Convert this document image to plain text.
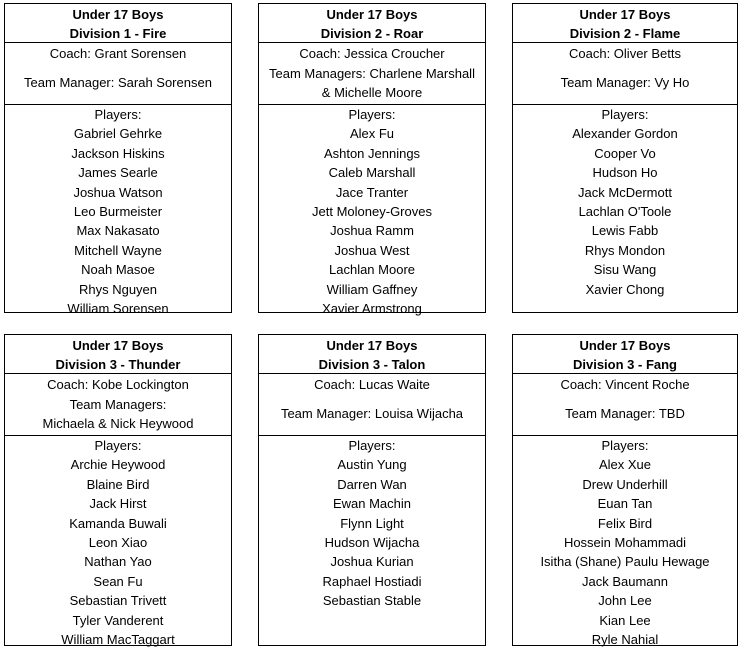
Under 17 Boys
Division 1 - Fire
Coach: Grant Sorensen
Team Manager: Sarah Sorensen
Players:
Gabriel Gehrke
Jackson Hiskins
James Searle
Joshua Watson
Leo Burmeister
Max Nakasato
Mitchell Wayne
Noah Masoe
Rhys Nguyen
William Sorensen
Under 17 Boys
Division 2 - Roar
Coach: Jessica Croucher
Team Managers: Charlene Marshall
& Michelle Moore
Players:
Alex Fu
Ashton Jennings
Caleb Marshall
Jace Tranter
Jett Moloney-Groves
Joshua Ramm
Joshua West
Lachlan Moore
William Gaffney
Xavier Armstrong
Under 17 Boys
Division 2 - Flame
Coach: Oliver Betts
Team Manager: Vy Ho
Players:
Alexander Gordon
Cooper Vo
Hudson Ho
Jack McDermott
Lachlan O'Toole
Lewis Fabb
Rhys Mondon
Sisu Wang
Xavier Chong
Under 17 Boys
Division 3 - Thunder
Coach: Kobe Lockington
Team Managers:
Michaela & Nick Heywood
Players:
Archie Heywood
Blaine Bird
Jack Hirst
Kamanda Buwali
Leon Xiao
Nathan Yao
Sean Fu
Sebastian Trivett
Tyler Vanderent
William MacTaggart
Under 17 Boys
Division 3 - Talon
Coach: Lucas Waite
Team Manager: Louisa Wijacha
Players:
Austin Yung
Darren Wan
Ewan Machin
Flynn Light
Hudson Wijacha
Joshua Kurian
Raphael Hostiadi
Sebastian Stable
Under 17 Boys
Division 3 - Fang
Coach: Vincent Roche
Team Manager: TBD
Players:
Alex Xue
Drew Underhill
Euan Tan
Felix Bird
Hossein Mohammadi
Isitha (Shane) Paulu Hewage
Jack Baumann
John Lee
Kian Lee
Ryle Nahial
